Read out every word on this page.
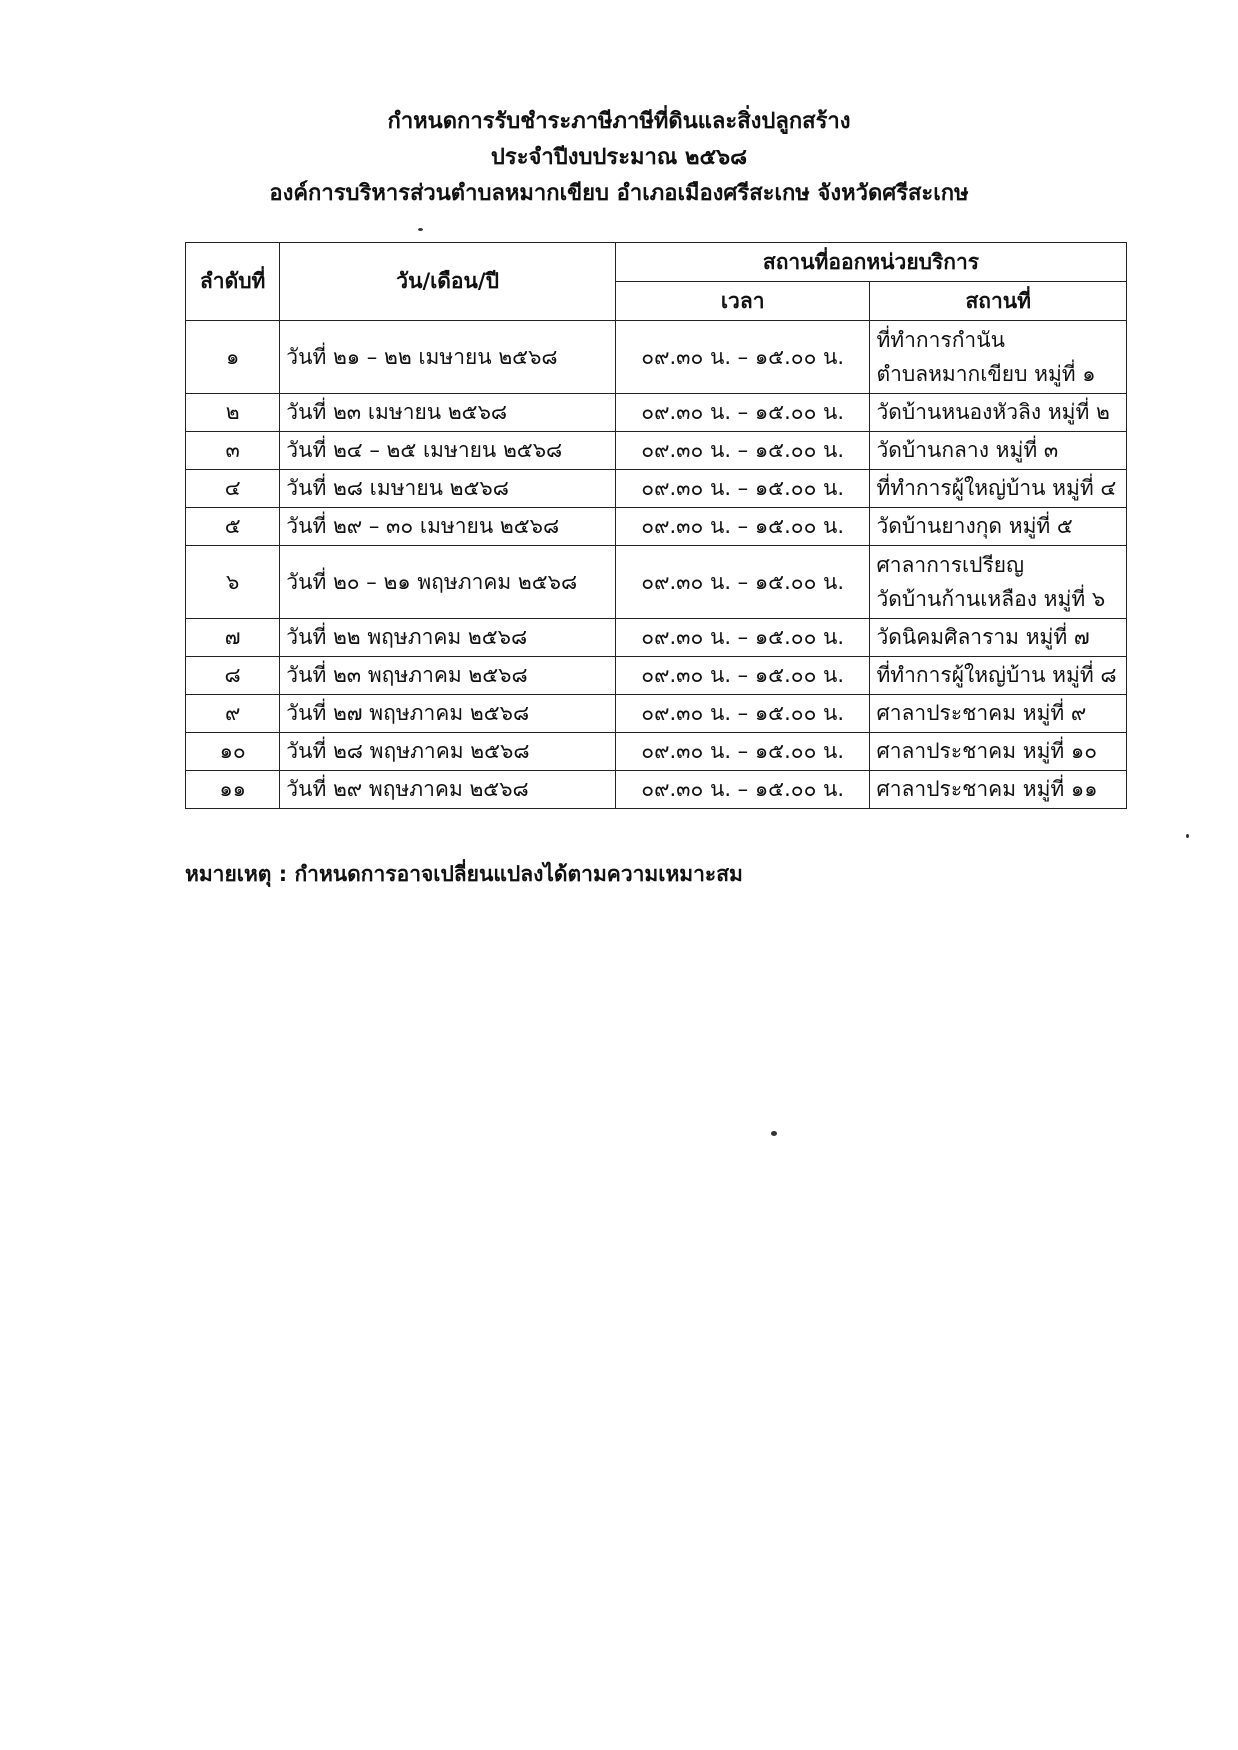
กำหนดการรับชำระภาษีภาษีที่ดินและสิ่งปลูกสร้าง
ประจำปีงบประมาณ ๒๕๖๘
องค์การบริหารส่วนตำบลหมากเขียบ อำเภอเมืองศรีสะเกษ จังหวัดศรีสะเกษ
ลำดับที่	วัน/เดือน/ปี	สถานที่ออกหน่วยบริการ	
		เวลา	สถานที่
๑	วันที่ ๒๑ – ๒๒ เมษายน ๒๕๖๘	๐๙.๓๐ น. – ๑๕.๐๐ น.	ที่ทำการกำนัน
ตำบลหมากเขียบ หมู่ที่ ๑

๒	วันที่ ๒๓ เมษายน ๒๕๖๘	๐๙.๓๐ น. – ๑๕.๐๐ น.	วัดบ้านหนองหัวลิง หมู่ที่ ๒
๓	วันที่ ๒๔ – ๒๕ เมษายน ๒๕๖๘	๐๙.๓๐ น. – ๑๕.๐๐ น.	วัดบ้านกลาง หมู่ที่ ๓
๔	วันที่ ๒๘ เมษายน ๒๕๖๘	๐๙.๓๐ น. – ๑๕.๐๐ น.	ที่ทำการผู้ใหญ่บ้าน หมู่ที่ ๔
๕	วันที่ ๒๙ – ๓๐ เมษายน ๒๕๖๘	๐๙.๓๐ น. – ๑๕.๐๐ น.	วัดบ้านยางกุด หมู่ที่ ๕
๖	วันที่ ๒๐ – ๒๑ พฤษภาคม ๒๕๖๘	๐๙.๓๐ น. – ๑๕.๐๐ น.	ศาลาการเปรียญ
วัดบ้านก้านเหลือง หมู่ที่ ๖

๗	วันที่ ๒๒ พฤษภาคม ๒๕๖๘	๐๙.๓๐ น. – ๑๕.๐๐ น.	วัดนิคมศิลาราม หมู่ที่ ๗
๘	วันที่ ๒๓ พฤษภาคม ๒๕๖๘	๐๙.๓๐ น. – ๑๕.๐๐ น.	ที่ทำการผู้ใหญ่บ้าน หมู่ที่ ๘
๙	วันที่ ๒๗ พฤษภาคม ๒๕๖๘	๐๙.๓๐ น. – ๑๕.๐๐ น.	ศาลาประชาคม หมู่ที่ ๙
๑๐	วันที่ ๒๘ พฤษภาคม ๒๕๖๘	๐๙.๓๐ น. – ๑๕.๐๐ น.	ศาลาประชาคม หมู่ที่ ๑๐
๑๑	วันที่ ๒๙ พฤษภาคม ๒๕๖๘	๐๙.๓๐ น. – ๑๕.๐๐ น.	ศาลาประชาคม หมู่ที่ ๑๑
หมายเหตุ : กำหนดการอาจเปลี่ยนแปลงได้ตามความเหมาะสม
